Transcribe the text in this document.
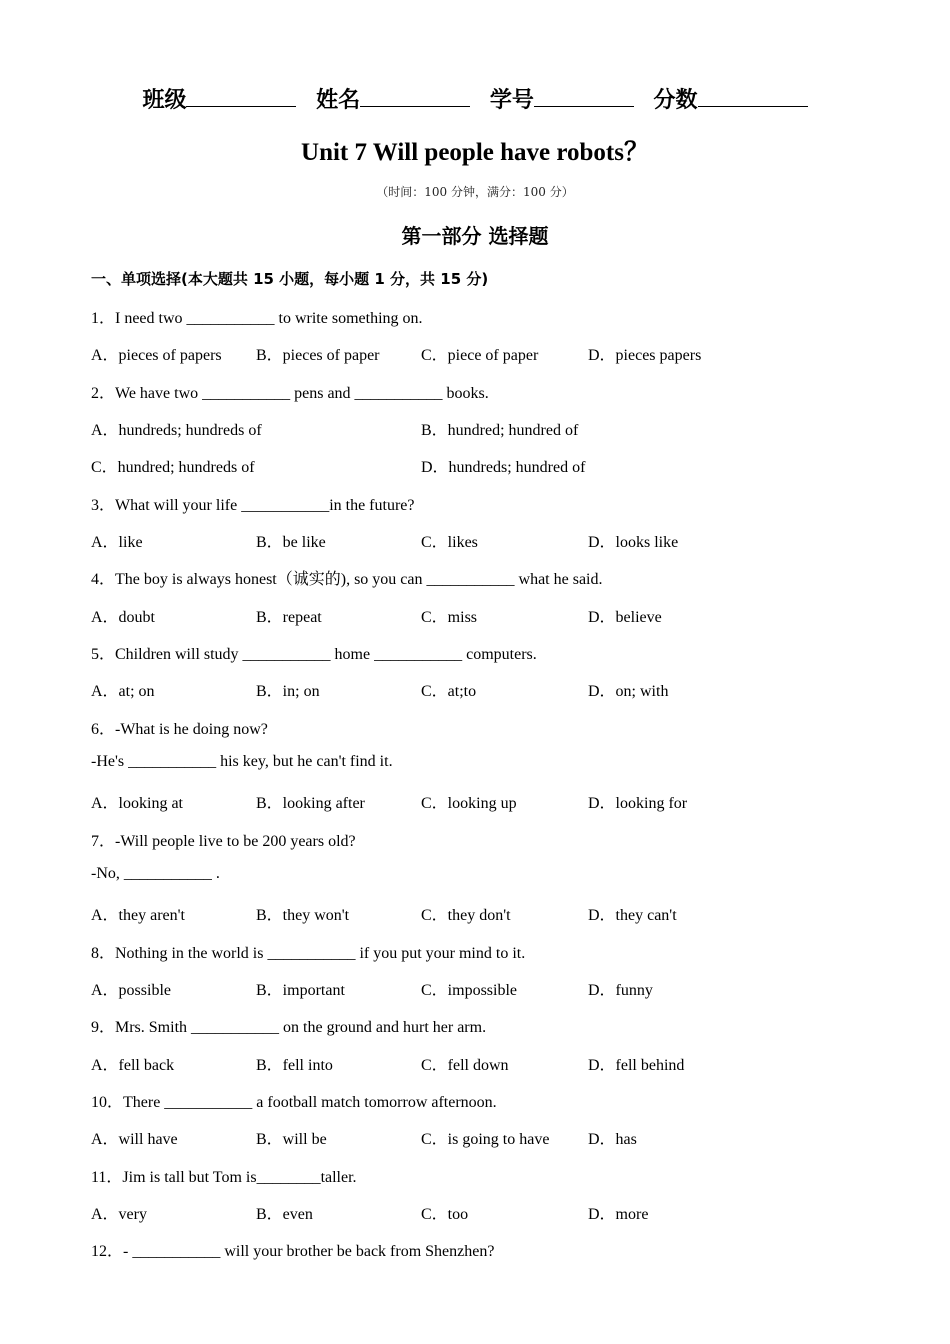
班级	姓名	学号	分数
Unit 7 Will people have robots？
（时间：100 分钟，满分：100 分）
第一部分 选择题
一、单项选择(本大题共 15 小题，每小题 1 分，共 15 分)
1．I need two ___________ to write something on.
A．pieces of papers B．pieces of paper	C．piece of paper	D．pieces papers
2．We have two ___________ pens and ___________ books.
A．hundreds; hundreds of	B．hundred; hundred of
C．hundred; hundreds of	D．hundreds; hundred of
3．What will your life ___________in the future?
A．like	B．be like	C．likes	D．looks like
4．The boy is always honest（诚实的), so you can ___________ what he said.
A．doubt	B．repeat	C．miss	D．believe
5．Children will study ___________ home ___________ computers.
A．at; on	B．in; on	C．at;to	D．on; with
6．-What is he doing now?
-He's ___________ his key, but he can't find it.
A．looking at	B．looking after	C．looking up	D．looking for
7．-Will people live to be 200 years old?
-No, ___________ .
A．they aren't	B．they won't	C．they don't	D．they can't
8．Nothing in the world is ___________ if you put your mind to it.
A．possible	B．important	C．impossible	D．funny
9．Mrs. Smith ___________ on the ground and hurt her arm.
A．fell back	B．fell into	C．fell down	D．fell behind
10．There ___________ a football match tomorrow afternoon.
A．will have	B．will be	C．is going to have D．has
11．Jim is tall but Tom is________taller.
A．very	B．even	C．too	D．more
12．- ___________ will your brother be back from Shenzhen?
